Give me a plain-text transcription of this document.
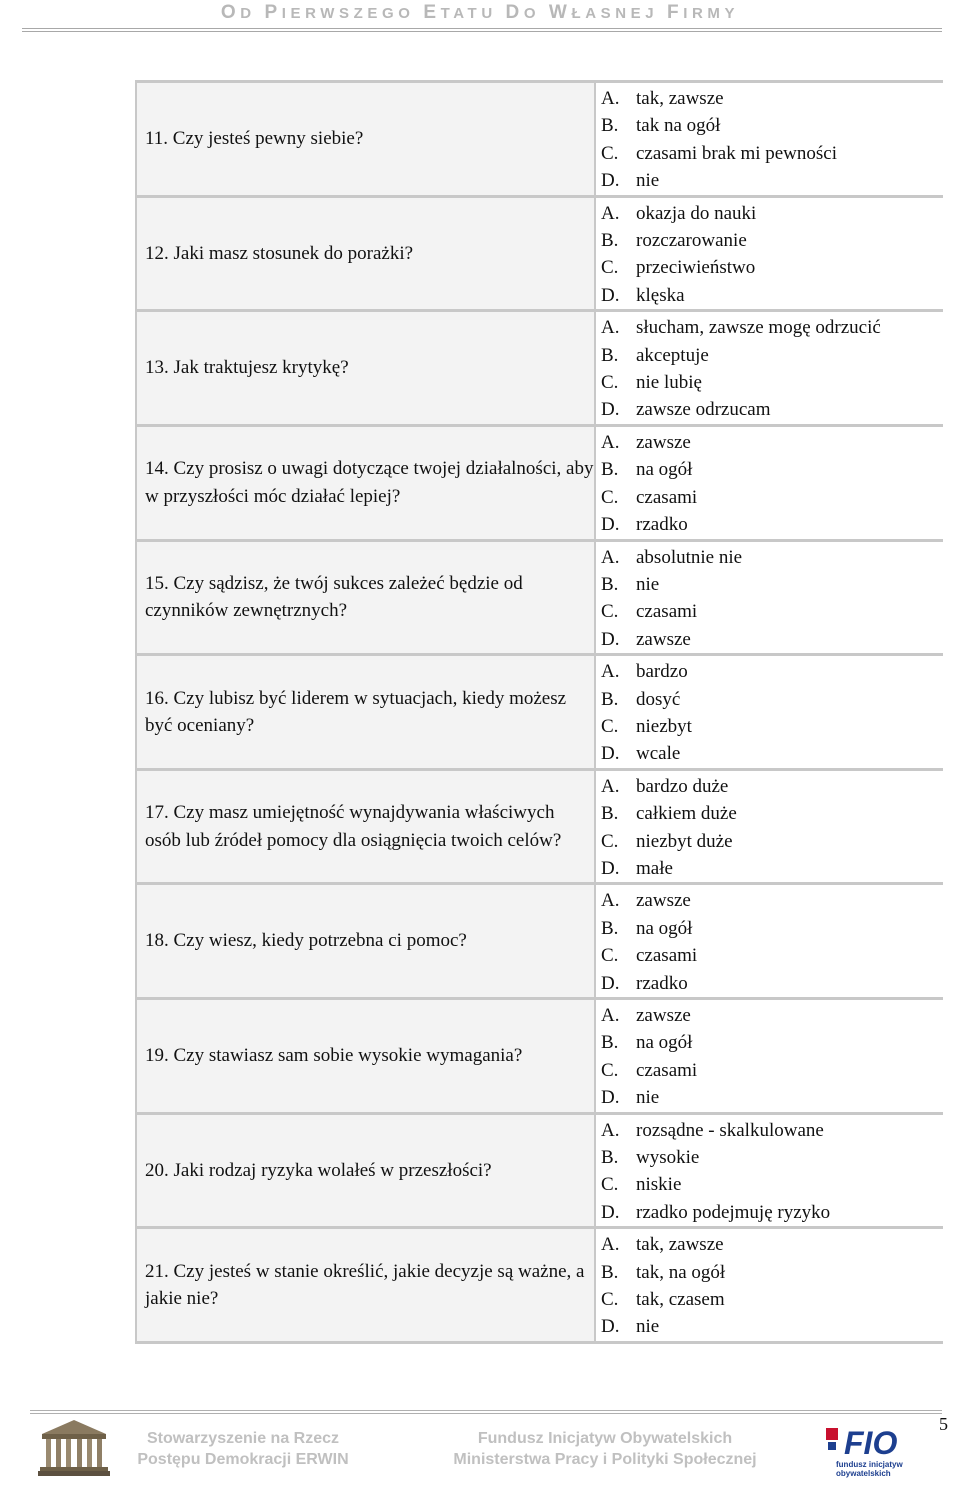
OD PIERWSZEGO ETATU DO WŁASNEJ FIRMY
11. Czy jesteś pewny siebie?
A. tak, zawsze
B. tak na ogół
C. czasami brak mi pewności
D. nie
12. Jaki masz stosunek do porażki?
A. okazja do nauki
B. rozczarowanie
C. przeciwieństwo
D. klęska
13. Jak traktujesz krytykę?
A. słucham, zawsze mogę odrzucić
B. akceptuje
C. nie lubię
D. zawsze odrzucam
14. Czy prosisz o uwagi dotyczące twojej działalności, aby w przyszłości móc działać lepiej?
A. zawsze
B. na ogół
C. czasami
D. rzadko
15. Czy sądzisz, że twój sukces zależeć będzie od czynników zewnętrznych?
A. absolutnie nie
B. nie
C. czasami
D. zawsze
16. Czy lubisz być liderem w sytuacjach, kiedy możesz być oceniany?
A. bardzo
B. dosyć
C. niezbyt
D. wcale
17. Czy masz umiejętność wynajdywania właściwych osób lub źródeł pomocy dla osiągnięcia twoich celów?
A. bardzo duże
B. całkiem duże
C. niezbyt duże
D. małe
18. Czy wiesz, kiedy potrzebna ci pomoc?
A. zawsze
B. na ogół
C. czasami
D. rzadko
19. Czy stawiasz sam sobie wysokie wymagania?
A. zawsze
B. na ogół
C. czasami
D. nie
20. Jaki rodzaj ryzyka wolałeś w przeszłości?
A. rozsądne - skalkulowane
B. wysokie
C. niskie
D. rzadko podejmuję ryzyko
21. Czy jesteś w stanie określić, jakie decyzje są ważne, a jakie nie?
A. tak, zawsze
B. tak, na ogół
C. tak, czasem
D. nie
Stowarzyszenie na Rzecz
Postępu Demokracji ERWIN
Fundusz Inicjatyw Obywatelskich
Ministerstwa Pracy i Polityki Społecznej	FIO
fundusz inicjatyw
obywatelskich
5
